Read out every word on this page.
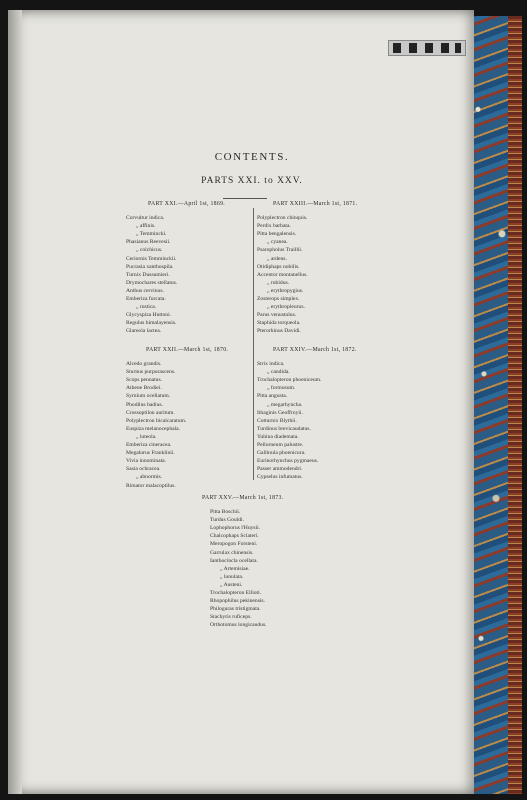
CONTENTS.
PARTS XXI. to XXV.
PART XXI.—April 1st, 1869.
Corvultur indica.
„ affinis.
„ Temmincki.
Phasianus Reevesii.
„ colchicus.
Ceriornis Temminckii.
Pucrasia xanthospila.
Turnix Dussumieri.
Drymochares stellatus.
Anthus cervinus.
Emberiza furcata.
„ rustica.
Glycyspiza Huttoni.
Regulus himalayensis.
Glareola lactea.
PART XXII.—March 1st, 1870.
Alcedo grandis.
Sturnus purpurascens.
Scops pennatus.
Athene Brodiei.
Syrnium ocellatum.
Phodilus badius.
Crossoptilon auritum.
Polyplectron bicalcaratum.
Euspiza melanocephala.
„ luteola.
Emberiza cineracea.
Megalurus Franklinii.
Vivia innominata.
Sasia ochracea.
„ abnormis.
Rimator malacoptilus.
PART XXIII.—March 1st, 1871.
Polyplectron chinquis.
Perdix barbata.
Pitta bengalensis.
„ cyanea.
Psaropholus Traillii.
„ ardens.
Otidiphaps nobilis.
Accentor montanellus.
„ rubidus.
„ erythropygius.
Zosterops simplex.
„ erythropleurus.
Parus venustulus.
Staphida torqueola.
Pterorhinus Davidi.
PART XXIV.—March 1st, 1872.
Strix indica.
„ candida.
Trochalopteron phoeniceum.
„ formosum.
Pitta angusta.
„ megarhyncha.
Ithaginis Geoffroyii.
Cotturnix Blythii.
Turdinus brevicaudatus.
Yuhina diademata.
Pellorneum palustre.
Gallinula phoenicura.
Eurinorhynchus pygmaeus.
Passer ammodendri.
Cypselus infumatus.
PART XXV.—March 1st, 1873.
Pitta Boschii.
Turdus Gouldi.
Lophophorus l'Huysii.
Chalcophaps Sclateri.
Meropogon Forsteni.
Garrulax chinensis.
Ianthocincla ocellata.
„ Artemisiae.
„ lunulata.
„ Austeni.
Trochalopteron Ellioti.
Rhopophilus pekinensis.
Philoguras tristigmata.
Stachyris ruficeps.
Orthotomus longicaudus.
